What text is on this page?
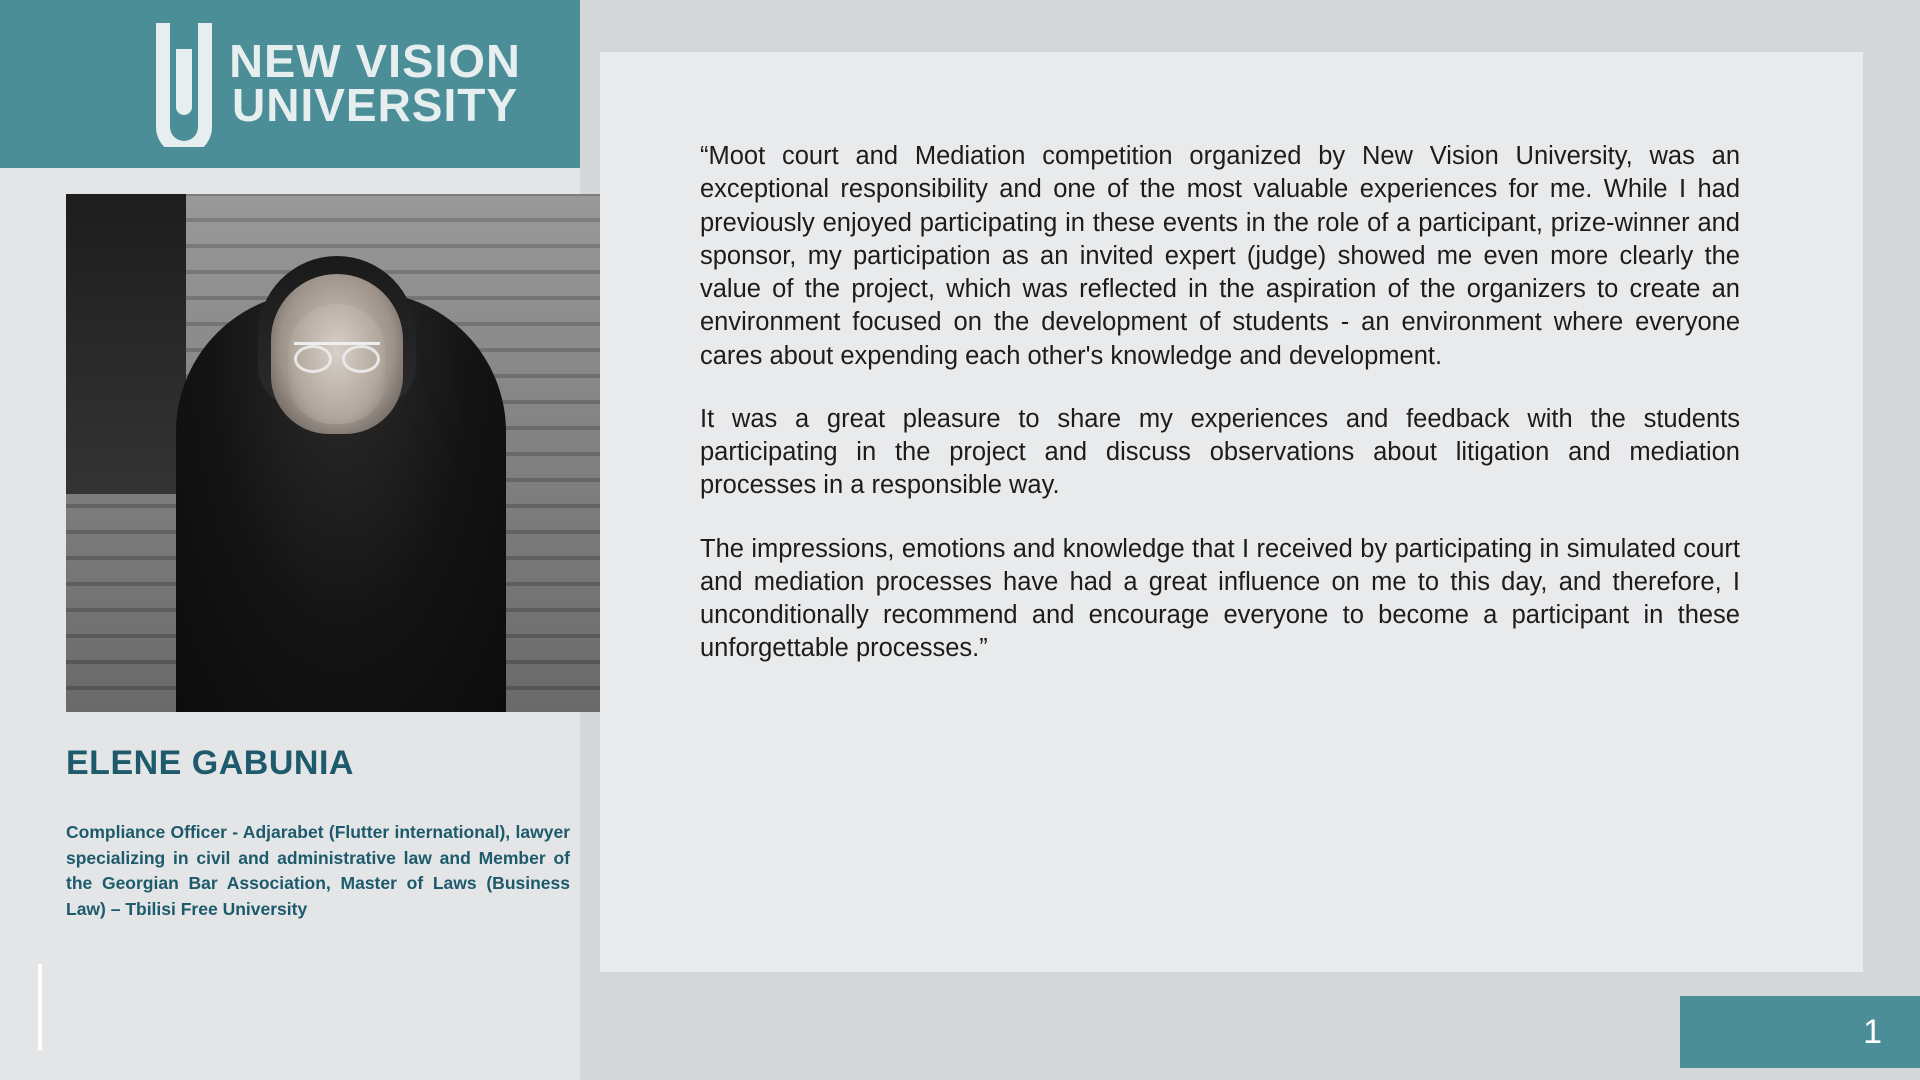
NEW VISION
UNIVERSITY
ELENE GABUNIA
Compliance Officer - Adjarabet (Flutter international), lawyer specializing in civil and administrative law and Member of the Georgian Bar Association, Master of Laws (Business Law) – Tbilisi Free University

“Moot court and Mediation competition organized by New Vision University, was an exceptional responsibility and one of the most valuable experiences for me. While I had previously enjoyed participating in these events in the role of a participant, prize-winner and sponsor, my participation as an invited expert (judge) showed me even more clearly the value of the project, which was reflected in the aspiration of the organizers to create an environment focused on the development of students - an environment where everyone cares about expending each other's knowledge and development.

It was a great pleasure to share my experiences and feedback with the students participating in the project and discuss observations about litigation and mediation processes in a responsible way.

The impressions, emotions and knowledge that I received by participating in simulated court and mediation processes have had a great influence on me to this day, and therefore, I unconditionally recommend and encourage everyone to become a participant in these unforgettable processes.”

1
